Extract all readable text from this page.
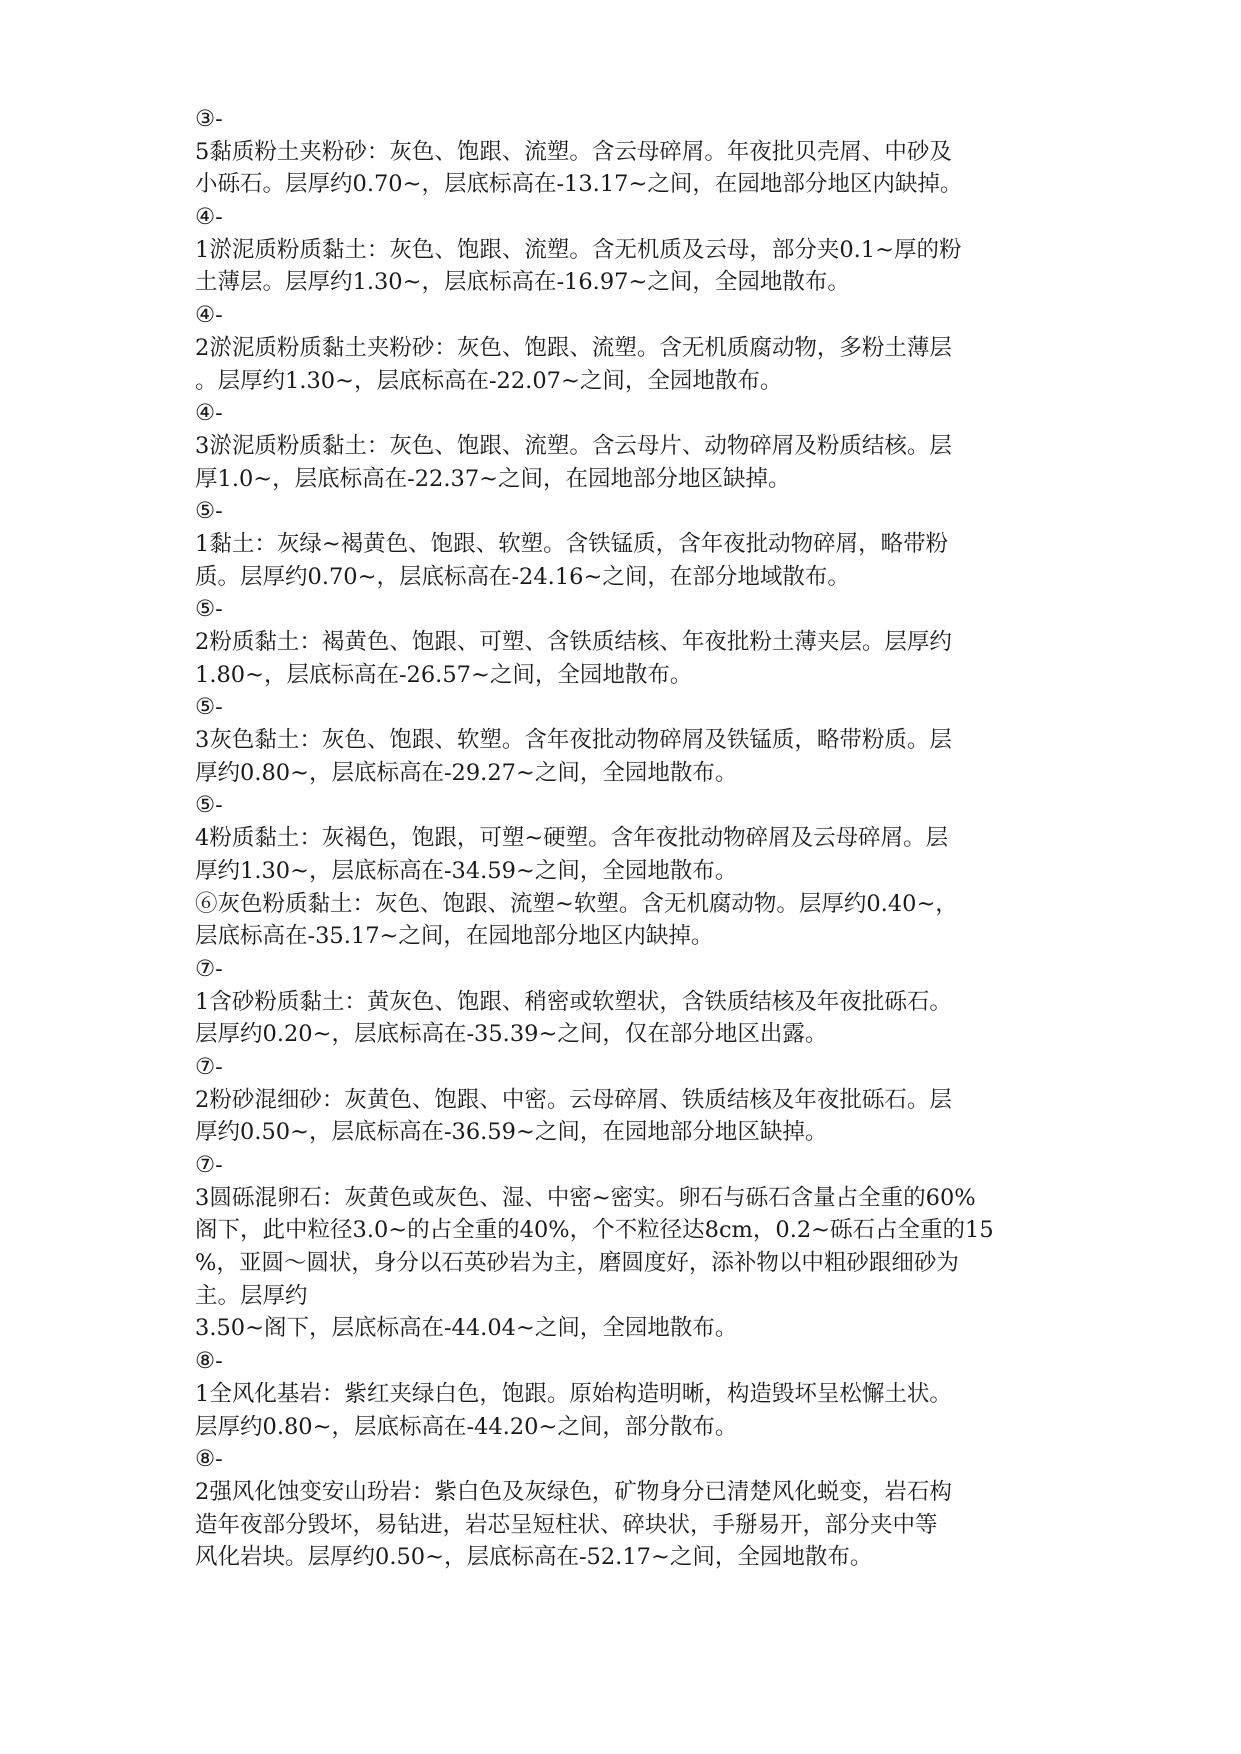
③-
5黏质粉土夹粉砂：灰色、饱跟、流塑。含云母碎屑。年夜批贝壳屑、中砂及
小砾石。层厚约0.70~，层底标高在-13.17~之间，在园地部分地区内缺掉。
④-
1淤泥质粉质黏土：灰色、饱跟、流塑。含无机质及云母，部分夹0.1~厚的粉
土薄层。层厚约1.30~，层底标高在-16.97~之间，全园地散布。
④-
2淤泥质粉质黏土夹粉砂：灰色、饱跟、流塑。含无机质腐动物，多粉土薄层
。层厚约1.30~，层底标高在-22.07~之间，全园地散布。
④-
3淤泥质粉质黏土：灰色、饱跟、流塑。含云母片、动物碎屑及粉质结核。层
厚1.0~，层底标高在-22.37~之间，在园地部分地区缺掉。
⑤-
1黏土：灰绿~褐黄色、饱跟、软塑。含铁锰质，含年夜批动物碎屑，略带粉
质。层厚约0.70~，层底标高在-24.16~之间，在部分地域散布。
⑤-
2粉质黏土：褐黄色、饱跟、可塑、含铁质结核、年夜批粉土薄夹层。层厚约
1.80~，层底标高在-26.57~之间，全园地散布。
⑤-
3灰色黏土：灰色、饱跟、软塑。含年夜批动物碎屑及铁锰质，略带粉质。层
厚约0.80~，层底标高在-29.27~之间，全园地散布。
⑤-
4粉质黏土：灰褐色，饱跟，可塑~硬塑。含年夜批动物碎屑及云母碎屑。层
厚约1.30~，层底标高在-34.59~之间，全园地散布。
⑥灰色粉质黏土：灰色、饱跟、流塑~软塑。含无机腐动物。层厚约0.40~，
层底标高在-35.17~之间，在园地部分地区内缺掉。
⑦-
1含砂粉质黏土：黄灰色、饱跟、稍密或软塑状，含铁质结核及年夜批砾石。
层厚约0.20~，层底标高在-35.39~之间，仅在部分地区出露。
⑦-
2粉砂混细砂：灰黄色、饱跟、中密。云母碎屑、铁质结核及年夜批砾石。层
厚约0.50~，层底标高在-36.59~之间，在园地部分地区缺掉。
⑦-
3圆砾混卵石：灰黄色或灰色、湿、中密~密实。卵石与砾石含量占全重的60%
阁下，此中粒径3.0~的占全重的40%，个不粒径达8cm，0.2~砾石占全重的15
%，亚圆～圆状，身分以石英砂岩为主，磨圆度好，添补物以中粗砂跟细砂为
主。层厚约
3.50~阁下，层底标高在-44.04~之间，全园地散布。
⑧-
1全风化基岩：紫红夹绿白色，饱跟。原始构造明晰，构造毁坏呈松懈土状。
层厚约0.80~，层底标高在-44.20~之间，部分散布。
⑧-
2强风化蚀变安山玢岩：紫白色及灰绿色，矿物身分已清楚风化蜕变，岩石构
造年夜部分毁坏，易钻进，岩芯呈短柱状、碎块状，手掰易开，部分夹中等
风化岩块。层厚约0.50~，层底标高在-52.17~之间，全园地散布。
